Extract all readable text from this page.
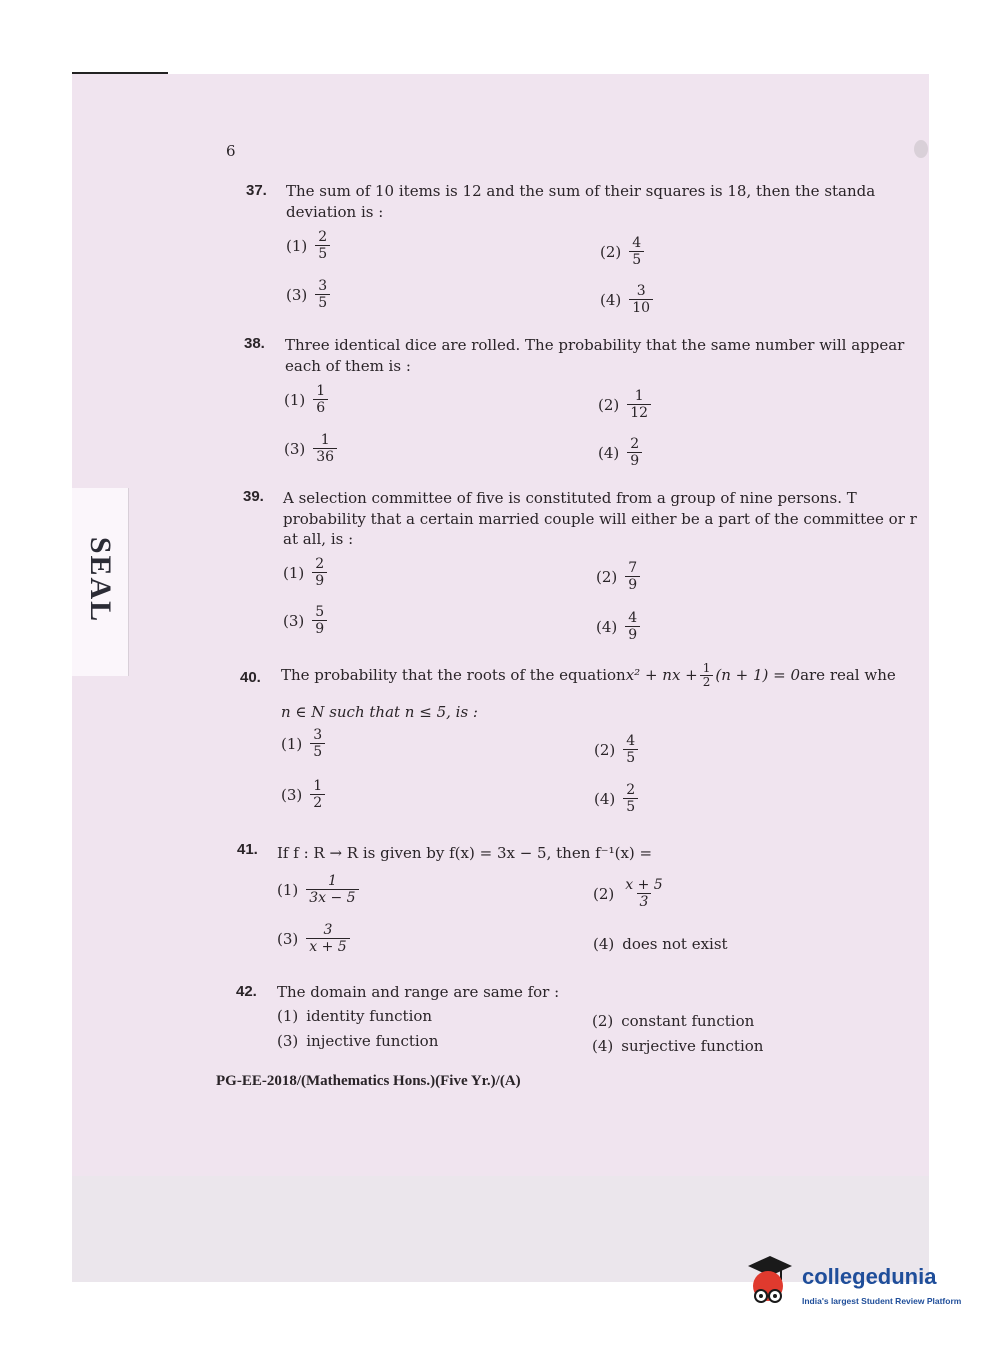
SEAL
6
37. The sum of 10 items is 12 and the sum of their squares is 18, then the standa
deviation is :
$(1) \frac{2}{5}$	$(2) \frac{4}{5}$
$(3) \frac{3}{5}$	$(4) \frac{3}{10}$
38. Three identical dice are rolled. The probability that the same number will appear
each of them is :
$(1) \frac{1}{6}$	$(2) \frac{1}{12}$
$(3) \frac{1}{36}$	$(4) \frac{2}{9}$
39. A selection committee of five is constituted from a group of nine persons. T
probability that a certain married couple will either be a part of the committee or r
at all, is :
$(1) \frac{2}{9}$	$(2) \frac{7}{9}$
$(3) \frac{5}{9}$	$(4) \frac{4}{9}$
40. The probability that the roots of the equation x² + nx + $\frac{1}{2} (n + 1) = 0$ are real whe
n ∈ N such that n ≤ 5, is :
$(1) \frac{3}{5}$	$(2) \frac{4}{5}$
$(3) \frac{1}{2}$	$(4) \frac{2}{5}$
41. If f : R → R is given by f(x) = 3x − 5, then f⁻¹(x) =
$(1) \frac{1}{3x - 5}$	$(2) \frac{x + 5}{3}$
$(3) \frac{3}{x + 5}$	(4) does not exist
42. The domain and range are same for :
(1) identity function	(2) constant function
(3) injective function	(4) surjective function
PG-EE-2018/(Mathematics Hons.)(Five Yr.)/(A)
collegedunia
India's largest Student Review Platform
